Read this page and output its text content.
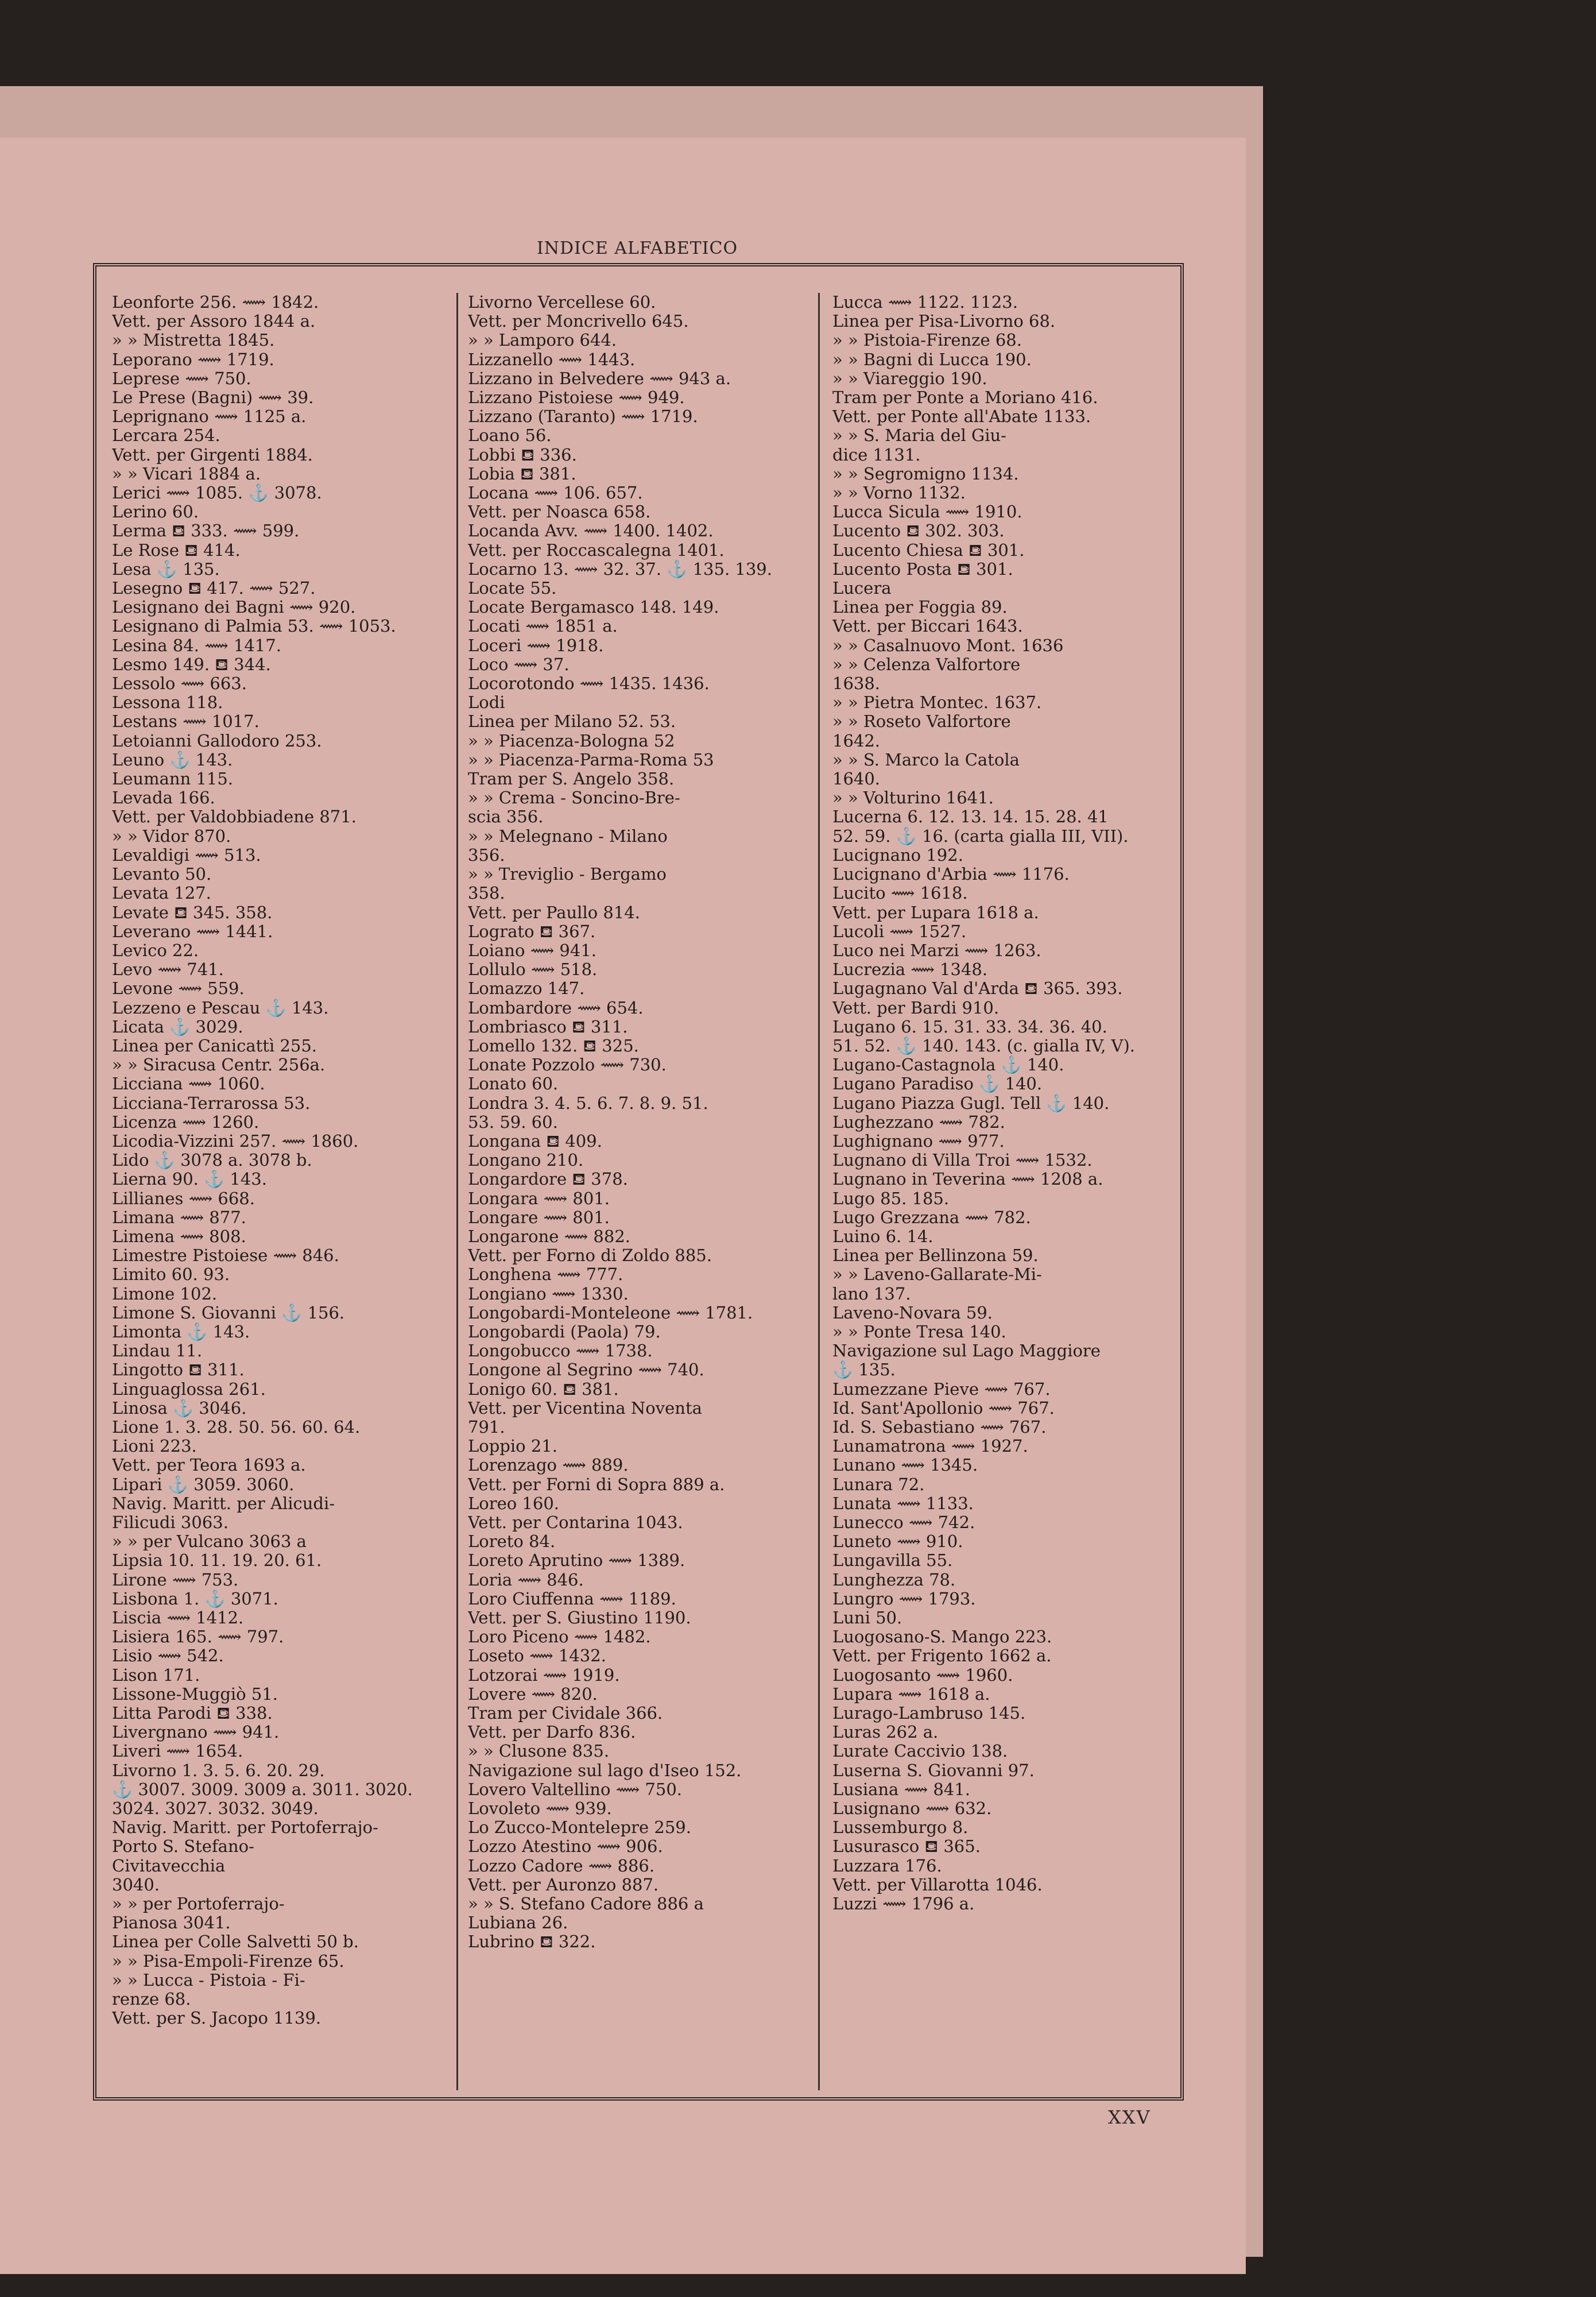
INDICE ALFABETICO
Leonforte 256. ⟿ 1842.
Vett. per Assoro 1844 a.
» » Mistretta 1845.
Leporano ⟿ 1719.
Leprese ⟿ 750.
Le Prese (Bagni) ⟿ 39.
Leprignano ⟿ 1125 a.
Lercara 254.
Vett. per Girgenti 1884.
» » Vicari 1884 a.
Lerici ⟿ 1085. ⚓ 3078.
Lerino 60.
Lerma ⛾ 333. ⟿ 599.
Le Rose ⛾ 414.
Lesa ⚓ 135.
Lesegno ⛾ 417. ⟿ 527.
Lesignano dei Bagni ⟿ 920.
Lesignano di Palmia 53. ⟿ 1053.
Lesina 84. ⟿ 1417.
Lesmo 149. ⛾ 344.
Lessolo ⟿ 663.
Lessona 118.
Lestans ⟿ 1017.
Letoianni Gallodoro 253.
Leuno ⚓ 143.
Leumann 115.
Levada 166.
Vett. per Valdobbiadene 871.
» » Vidor 870.
Levaldigi ⟿ 513.
Levanto 50.
Levata 127.
Levate ⛾ 345. 358.
Leverano ⟿ 1441.
Levico 22.
Levo ⟿ 741.
Levone ⟿ 559.
Lezzeno e Pescau ⚓ 143.
Licata ⚓ 3029.
Linea per Canicattì 255.
» » Siracusa Centr. 256a.
Licciana ⟿ 1060.
Licciana-Terrarossa 53.
Licenza ⟿ 1260.
Licodia-Vizzini 257. ⟿ 1860.
Lido ⚓ 3078 a. 3078 b.
Lierna 90. ⚓ 143.
Lillianes ⟿ 668.
Limana ⟿ 877.
Limena ⟿ 808.
Limestre Pistoiese ⟿ 846.
Limito 60. 93.
Limone 102.
Limone S. Giovanni ⚓ 156.
Limonta ⚓ 143.
Lindau 11.
Lingotto ⛾ 311.
Linguaglossa 261.
Linosa ⚓ 3046.
Lione 1. 3. 28. 50. 56. 60. 64.
Lioni 223.
Vett. per Teora 1693 a.
Lipari ⚓ 3059. 3060.
Navig. Maritt. per Alicudi-
Filicudi 3063.
» » per Vulcano 3063 a
Lipsia 10. 11. 19. 20. 61.
Lirone ⟿ 753.
Lisbona 1. ⚓ 3071.
Liscia ⟿ 1412.
Lisiera 165. ⟿ 797.
Lisio ⟿ 542.
Lison 171.
Lissone-Muggiò 51.
Litta Parodi ⛾ 338.
Livergnano ⟿ 941.
Liveri ⟿ 1654.
Livorno 1. 3. 5. 6. 20. 29.
⚓ 3007. 3009. 3009 a. 3011. 3020.
3024. 3027. 3032. 3049.
Navig. Maritt. per Portoferrajo-
Porto S. Stefano-
Civitavecchia
3040.
» » per Portoferrajo-
Pianosa 3041.
Linea per Colle Salvetti 50 b.
» » Pisa-Empoli-Firenze 65.
» » Lucca - Pistoia - Fi-
renze 68.
Vett. per S. Jacopo 1139.
Livorno Vercellese 60.
Vett. per Moncrivello 645.
» » Lamporo 644.
Lizzanello ⟿ 1443.
Lizzano in Belvedere ⟿ 943 a.
Lizzano Pistoiese ⟿ 949.
Lizzano (Taranto) ⟿ 1719.
Loano 56.
Lobbi ⛾ 336.
Lobia ⛾ 381.
Locana ⟿ 106. 657.
Vett. per Noasca 658.
Locanda Avv. ⟿ 1400. 1402.
Vett. per Roccascalegna 1401.
Locarno 13. ⟿ 32. 37. ⚓ 135. 139.
Locate 55.
Locate Bergamasco 148. 149.
Locati ⟿ 1851 a.
Loceri ⟿ 1918.
Loco ⟿ 37.
Locorotondo ⟿ 1435. 1436.
Lodi
Linea per Milano 52. 53.
» » Piacenza-Bologna 52
» » Piacenza-Parma-Roma 53
Tram per S. Angelo 358.
» » Crema - Soncino-Bre-
scia 356.
» » Melegnano - Milano
356.
» » Treviglio - Bergamo
358.
Vett. per Paullo 814.
Lograto ⛾ 367.
Loiano ⟿ 941.
Lollulo ⟿ 518.
Lomazzo 147.
Lombardore ⟿ 654.
Lombriasco ⛾ 311.
Lomello 132. ⛾ 325.
Lonate Pozzolo ⟿ 730.
Lonato 60.
Londra 3. 4. 5. 6. 7. 8. 9. 51.
53. 59. 60.
Longana ⛾ 409.
Longano 210.
Longardore ⛾ 378.
Longara ⟿ 801.
Longare ⟿ 801.
Longarone ⟿ 882.
Vett. per Forno di Zoldo 885.
Longhena ⟿ 777.
Longiano ⟿ 1330.
Longobardi-Monteleone ⟿ 1781.
Longobardi (Paola) 79.
Longobucco ⟿ 1738.
Longone al Segrino ⟿ 740.
Lonigo 60. ⛾ 381.
Vett. per Vicentina Noventa
791.
Loppio 21.
Lorenzago ⟿ 889.
Vett. per Forni di Sopra 889 a.
Loreo 160.
Vett. per Contarina 1043.
Loreto 84.
Loreto Aprutino ⟿ 1389.
Loria ⟿ 846.
Loro Ciuffenna ⟿ 1189.
Vett. per S. Giustino 1190.
Loro Piceno ⟿ 1482.
Loseto ⟿ 1432.
Lotzorai ⟿ 1919.
Lovere ⟿ 820.
Tram per Cividale 366.
Vett. per Darfo 836.
» » Clusone 835.
Navigazione sul lago d'Iseo 152.
Lovero Valtellino ⟿ 750.
Lovoleto ⟿ 939.
Lo Zucco-Montelepre 259.
Lozzo Atestino ⟿ 906.
Lozzo Cadore ⟿ 886.
Vett. per Auronzo 887.
» » S. Stefano Cadore 886 a
Lubiana 26.
Lubrino ⛾ 322.
Lucca ⟿ 1122. 1123.
Linea per Pisa-Livorno 68.
» » Pistoia-Firenze 68.
» » Bagni di Lucca 190.
» » Viareggio 190.
Tram per Ponte a Moriano 416.
Vett. per Ponte all'Abate 1133.
» » S. Maria del Giu-
dice 1131.
» » Segromigno 1134.
» » Vorno 1132.
Lucca Sicula ⟿ 1910.
Lucento ⛾ 302. 303.
Lucento Chiesa ⛾ 301.
Lucento Posta ⛾ 301.
Lucera
Linea per Foggia 89.
Vett. per Biccari 1643.
» » Casalnuovo Mont. 1636
» » Celenza Valfortore
1638.
» » Pietra Montec. 1637.
» » Roseto Valfortore
1642.
» » S. Marco la Catola
1640.
» » Volturino 1641.
Lucerna 6. 12. 13. 14. 15. 28. 41
52. 59. ⚓ 16. (carta gialla III, VII).
Lucignano 192.
Lucignano d'Arbia ⟿ 1176.
Lucito ⟿ 1618.
Vett. per Lupara 1618 a.
Lucoli ⟿ 1527.
Luco nei Marzi ⟿ 1263.
Lucrezia ⟿ 1348.
Lugagnano Val d'Arda ⛾ 365. 393.
Vett. per Bardi 910.
Lugano 6. 15. 31. 33. 34. 36. 40.
51. 52. ⚓ 140. 143. (c. gialla IV, V).
Lugano-Castagnola ⚓ 140.
Lugano Paradiso ⚓ 140.
Lugano Piazza Gugl. Tell ⚓ 140.
Lughezzano ⟿ 782.
Lughignano ⟿ 977.
Lugnano di Villa Troi ⟿ 1532.
Lugnano in Teverina ⟿ 1208 a.
Lugo 85. 185.
Lugo Grezzana ⟿ 782.
Luino 6. 14.
Linea per Bellinzona 59.
» » Laveno-Gallarate-Mi-
lano 137.
Laveno-Novara 59.
» » Ponte Tresa 140.
Navigazione sul Lago Maggiore
⚓ 135.
Lumezzane Pieve ⟿ 767.
Id. Sant'Apollonio ⟿ 767.
Id. S. Sebastiano ⟿ 767.
Lunamatrona ⟿ 1927.
Lunano ⟿ 1345.
Lunara 72.
Lunata ⟿ 1133.
Lunecco ⟿ 742.
Luneto ⟿ 910.
Lungavilla 55.
Lunghezza 78.
Lungro ⟿ 1793.
Luni 50.
Luogosano-S. Mango 223.
Vett. per Frigento 1662 a.
Luogosanto ⟿ 1960.
Lupara ⟿ 1618 a.
Lurago-Lambruso 145.
Luras 262 a.
Lurate Caccivio 138.
Luserna S. Giovanni 97.
Lusiana ⟿ 841.
Lusignano ⟿ 632.
Lussemburgo 8.
Lusurasco ⛾ 365.
Luzzara 176.
Vett. per Villarotta 1046.
Luzzi ⟿ 1796 a.
XXV
